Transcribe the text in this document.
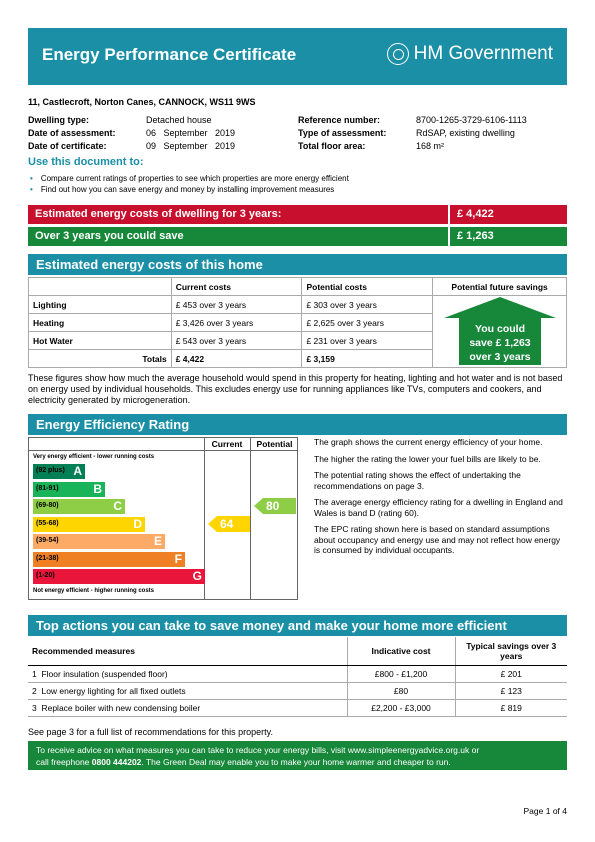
Energy Performance Certificate	HM Government
11, Castlecroft, Norton Canes, CANNOCK, WS11 9WS
Dwelling type:	Detached house	Reference number:	8700-1265-3729-6106-1113
Date of assessment:	06   September   2019	Type of assessment:	RdSAP, existing dwelling
Date of certificate:	09   September   2019	Total floor area:	168 m²
Use this document to:
• Compare current ratings of properties to see which properties are more energy efficient
• Find out how you can save energy and money by installing improvement measures
Estimated energy costs of dwelling for 3 years:	£ 4,422
Over 3 years you could save	£ 1,263
Estimated energy costs of this home
	Current costs	Potential costs	Potential future savings
Lighting	£ 453 over 3 years	£ 303 over 3 years	
Heating	£ 3,426 over 3 years	£ 2,625 over 3 years	
Hot Water	£ 543 over 3 years	£ 231 over 3 years	
Totals	£ 4,422	£ 3,159	
You could
save £ 1,263
over 3 years
These figures show how much the average household would spend in this property for heating, lighting and hot water and is not based on energy used by individual households. This excludes energy use for running appliances like TVs, computers and cookers, and electricity generated by microgeneration.
Energy Efficiency Rating
Current	Potential
Very energy efficient - lower running costs
Not energy efficient - higher running costs
(92 plus) A
(81-91)	B
(69-80)	C
(55-68)	D
(39-54)	E
(21-38)	F
(1-20)	G
64
80

The graph shows the current energy efficiency of your home.

The higher the rating the lower your fuel bills are likely to be.

The potential rating shows the effect of undertaking the recommendations on page 3.

The average energy efficiency rating for a dwelling in England and Wales is band D (rating 60).

The EPC rating shown here is based on standard assumptions about occupancy and energy use and may not reflect how energy is consumed by individual occupants.

Top actions you can take to save money and make your home more efficient
Recommended measures	Indicative cost	Typical savings over 3 years
1 Floor insulation (suspended floor)	£800 - £1,200	£ 201
2 Low energy lighting for all fixed outlets	£80	£ 123
3 Replace boiler with new condensing boiler	£2,200 - £3,000	£ 819
See page 3 for a full list of recommendations for this property.
To receive advice on what measures you can take to reduce your energy bills, visit www.simpleenergyadvice.org.uk or
call freephone 0800 444202. The Green Deal may enable you to make your home warmer and cheaper to run.
Page 1 of 4
